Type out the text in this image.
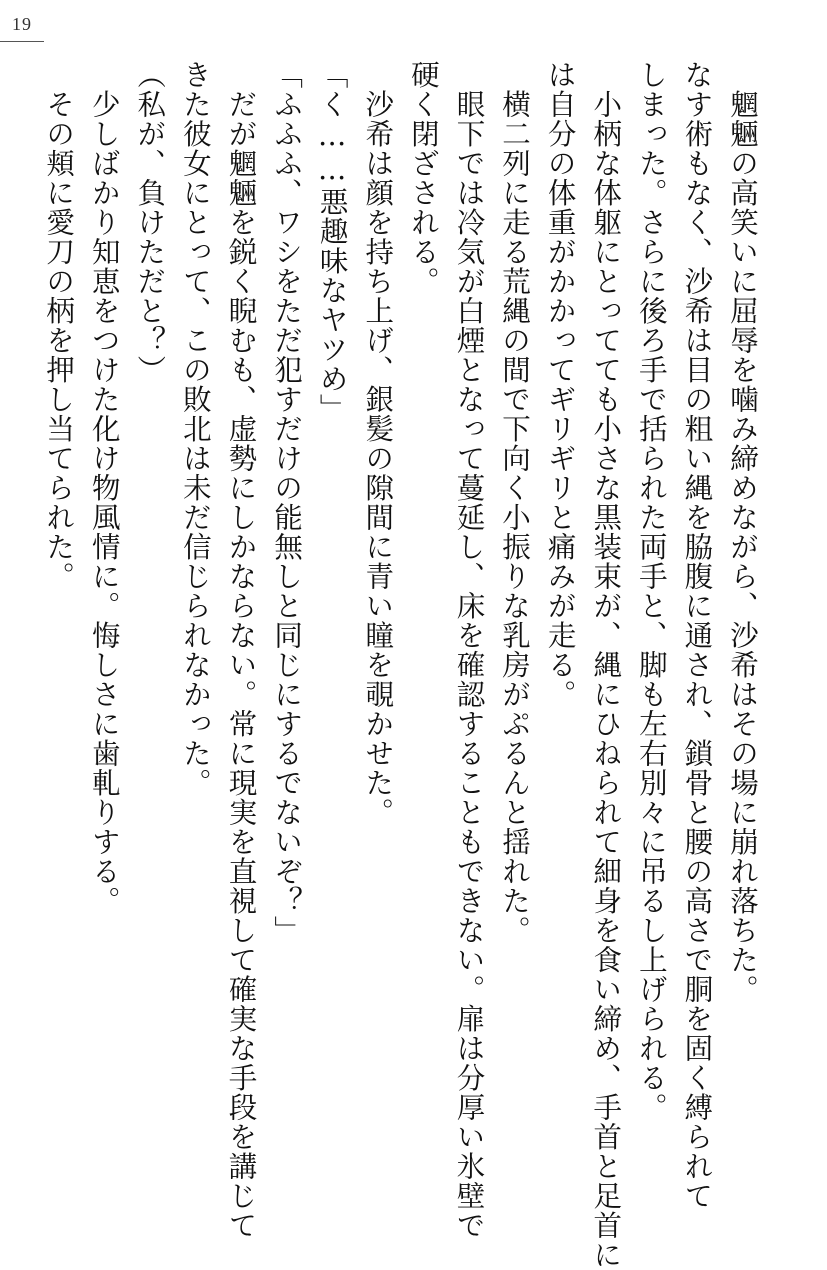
19
　魍魎の高笑いに屈辱を噛み締めながら、沙希はその場に崩れ落ちた。
なす術もなく、沙希は目の粗い縄を脇腹に通され、鎖骨と腰の高さで胴を固く縛られて
しまった。さらに後ろ手で括られた両手と、脚も左右別々に吊るし上げられる。
　小柄な体躯にとってても小さな黒装束が、縄にひねられて細身を食い締め、手首と足首に
は自分の体重がかかってギリギリと痛みが走る。
　横二列に走る荒縄の間で下向く小振りな乳房がぷるんと揺れた。
　眼下では冷気が白煙となって蔓延し、床を確認することもできない。扉は分厚い氷壁で
硬く閉ざされる。
　沙希は顔を持ち上げ、銀髪の隙間に青い瞳を覗かせた。
「く……悪趣味なヤツめ」
「ふふふ、ワシをただ犯すだけの能無しと同じにするでないぞ？」
　だが魍魎を鋭く睨むも、虚勢にしかならない。常に現実を直視して確実な手段を講じて
きた彼女にとって、この敗北は未だ信じられなかった。
（私が、負けただと？）
　少しばかり知恵をつけた化け物風情に。悔しさに歯軋りする。
　その頬に愛刀の柄を押し当てられた。
